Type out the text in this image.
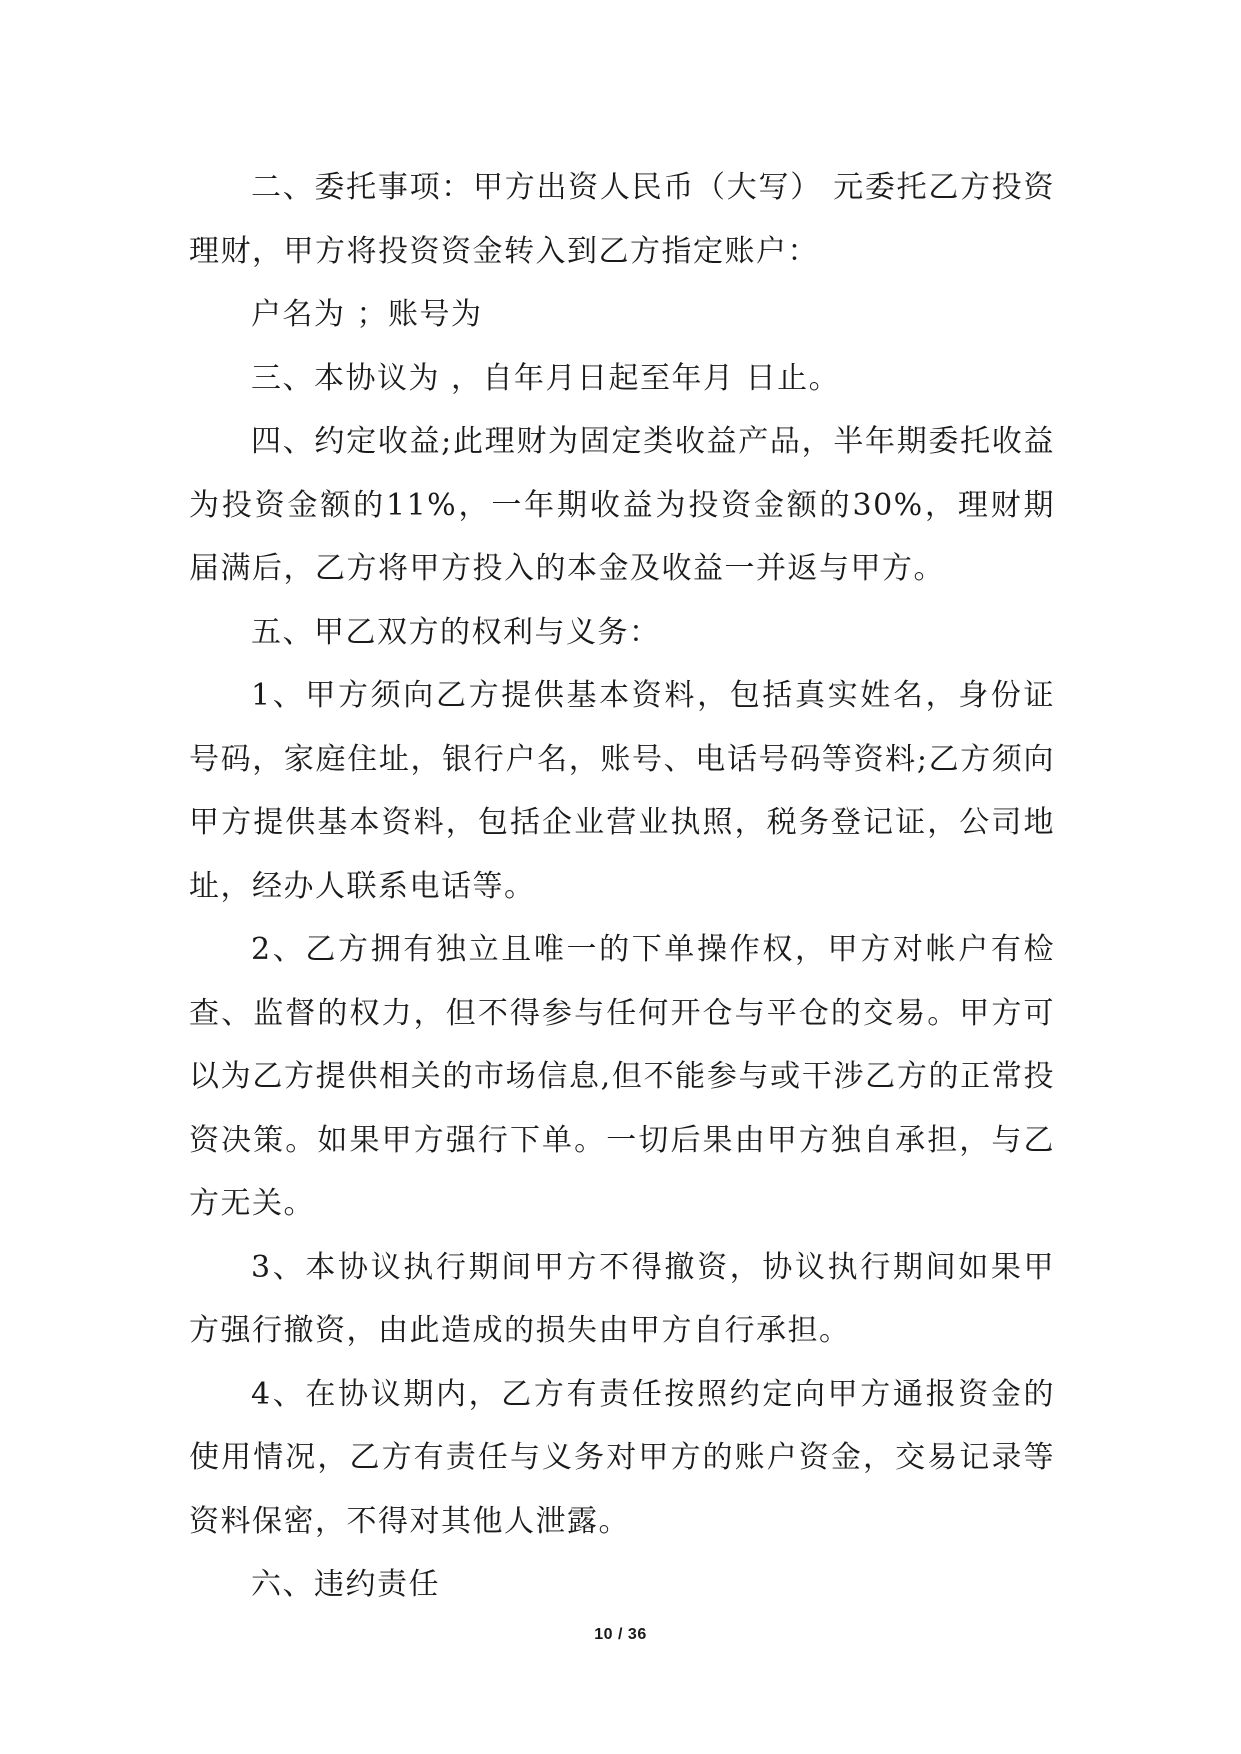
二、委托事项：甲方出资人民币（大写） 元委托乙方投资理财，甲方将投资资金转入到乙方指定账户：

户名为 ；账号为

三、本协议为 ，自年月日起至年月 日止。

四、约定收益;此理财为固定类收益产品，半年期委托收益为投资金额的11%，一年期收益为投资金额的30%，理财期届满后，乙方将甲方投入的本金及收益一并返与甲方。

五、甲乙双方的权利与义务：

1、甲方须向乙方提供基本资料，包括真实姓名，身份证号码，家庭住址，银行户名，账号、电话号码等资料;乙方须向甲方提供基本资料，包括企业营业执照，税务登记证，公司地址，经办人联系电话等。

2、乙方拥有独立且唯一的下单操作权，甲方对帐户有检查、监督的权力，但不得参与任何开仓与平仓的交易。甲方可以为乙方提供相关的市场信息,但不能参与或干涉乙方的正常投资决策。如果甲方强行下单。一切后果由甲方独自承担，与乙方无关。

3、本协议执行期间甲方不得撤资，协议执行期间如果甲方强行撤资，由此造成的损失由甲方自行承担。

4、在协议期内，乙方有责任按照约定向甲方通报资金的使用情况，乙方有责任与义务对甲方的账户资金，交易记录等资料保密，不得对其他人泄露。

六、违约责任

10 / 36
